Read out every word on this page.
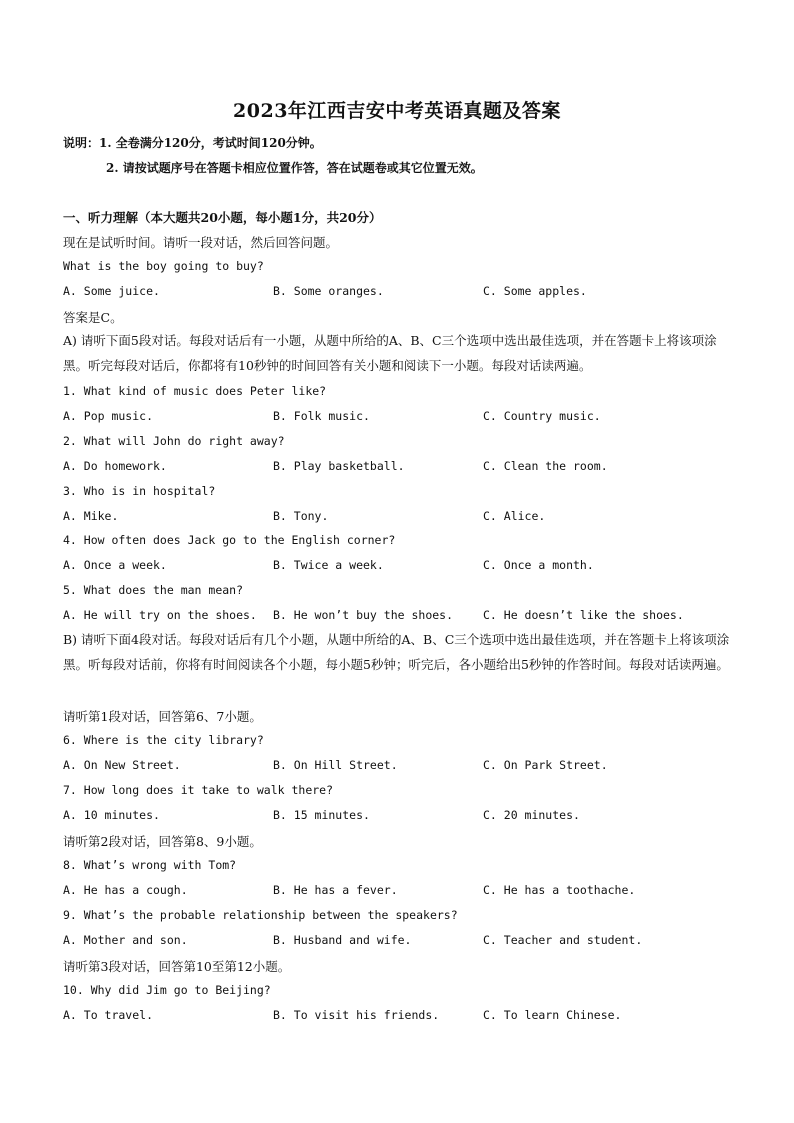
2023年江西吉安中考英语真题及答案
说明：1. 全卷满分120分，考试时间120分钟。
2. 请按试题序号在答题卡相应位置作答，答在试题卷或其它位置无效。
一、听力理解（本大题共20小题，每小题1分，共20分）
现在是试听时间。请听一段对话，然后回答问题。
What is the boy going to buy?
A. Some juice.	B. Some oranges.	C. Some apples.
答案是C。
A) 请听下面5段对话。每段对话后有一小题，从题中所给的A、B、C三个选项中选出最佳选项，并在答题卡上将该项涂黑。听完每段对话后，你都将有10秒钟的时间回答有关小题和阅读下一小题。每段对话读两遍。
1. What kind of music does Peter like?
A. Pop music.	B. Folk music.	C. Country music.
2. What will John do right away?
A. Do homework.	B. Play basketball.	C. Clean the room.
3. Who is in hospital?
A. Mike.	B. Tony.	C. Alice.
4. How often does Jack go to the English corner?
A. Once a week.	B. Twice a week.	C. Once a month.
5. What does the man mean?
A. He will try on the shoes. B. He won’t buy the shoes.	C. He doesn’t like the shoes.
B) 请听下面4段对话。每段对话后有几个小题，从题中所给的A、B、C三个选项中选出最佳选项，并在答题卡上将该项涂黑。听每段对话前，你将有时间阅读各个小题，每小题5秒钟；听完后，各小题给出5秒钟的作答时间。每段对话读两遍。
请听第1段对话，回答第6、7小题。
6. Where is the city library?
A. On New Street.	B. On Hill Street.	C. On Park Street.
7. How long does it take to walk there?
A. 10 minutes.	B. 15 minutes.	C. 20 minutes.
请听第2段对话，回答第8、9小题。
8. What’s wrong with Tom?
A. He has a cough.	B. He has a fever.	C. He has a toothache.
9. What’s the probable relationship between the speakers?
A. Mother and son.	B. Husband and wife.	C. Teacher and student.
请听第3段对话，回答第10至第12小题。
10. Why did Jim go to Beijing?
A. To travel.	B. To visit his friends.	C. To learn Chinese.
